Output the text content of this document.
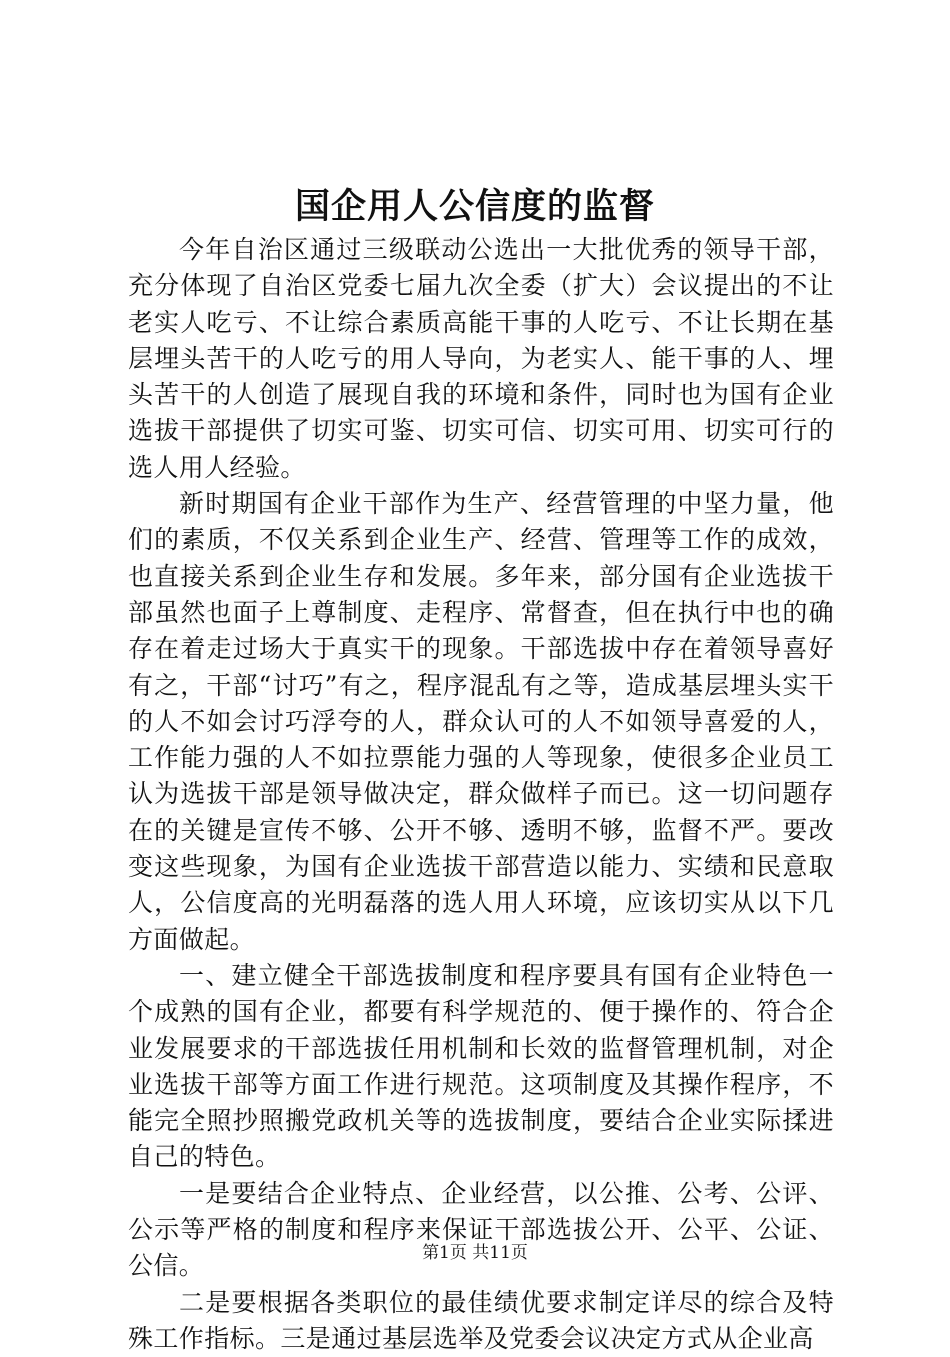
国企用人公信度的监督

今年自治区通过三级联动公选出一大批优秀的领导干部，充分体现了自治区党委七届九次全委（扩大）会议提出的不让老实人吃亏、不让综合素质高能干事的人吃亏、不让长期在基层埋头苦干的人吃亏的用人导向，为老实人、能干事的人、埋头苦干的人创造了展现自我的环境和条件，同时也为国有企业选拔干部提供了切实可鉴、切实可信、切实可用、切实可行的选人用人经验。

新时期国有企业干部作为生产、经营管理的中坚力量，他们的素质，不仅关系到企业生产、经营、管理等工作的成效，也直接关系到企业生存和发展。多年来，部分国有企业选拔干部虽然也面子上尊制度、走程序、常督查，但在执行中也的确存在着走过场大于真实干的现象。干部选拔中存在着领导喜好有之，干部“讨巧”有之，程序混乱有之等，造成基层埋头实干的人不如会讨巧浮夸的人，群众认可的人不如领导喜爱的人，工作能力强的人不如拉票能力强的人等现象，使很多企业员工认为选拔干部是领导做决定，群众做样子而已。这一切问题存在的关键是宣传不够、公开不够、透明不够，监督不严。要改变这些现象，为国有企业选拔干部营造以能力、实绩和民意取人，公信度高的光明磊落的选人用人环境，应该切实从以下几方面做起。

一、建立健全干部选拔制度和程序要具有国有企业特色一个成熟的国有企业，都要有科学规范的、便于操作的、符合企业发展要求的干部选拔任用机制和长效的监督管理机制，对企业选拔干部等方面工作进行规范。这项制度及其操作程序，不能完全照抄照搬党政机关等的选拔制度，要结合企业实际揉进自己的特色。

一是要结合企业特点、企业经营，以公推、公考、公评、公示等严格的制度和程序来保证干部选拔公开、公平、公证、公信。

二是要根据各类职位的最佳绩优要求制定详尽的综合及特殊工作指标。三是通过基层选举及党委会议决定方式从企业高

第1页 共11页
